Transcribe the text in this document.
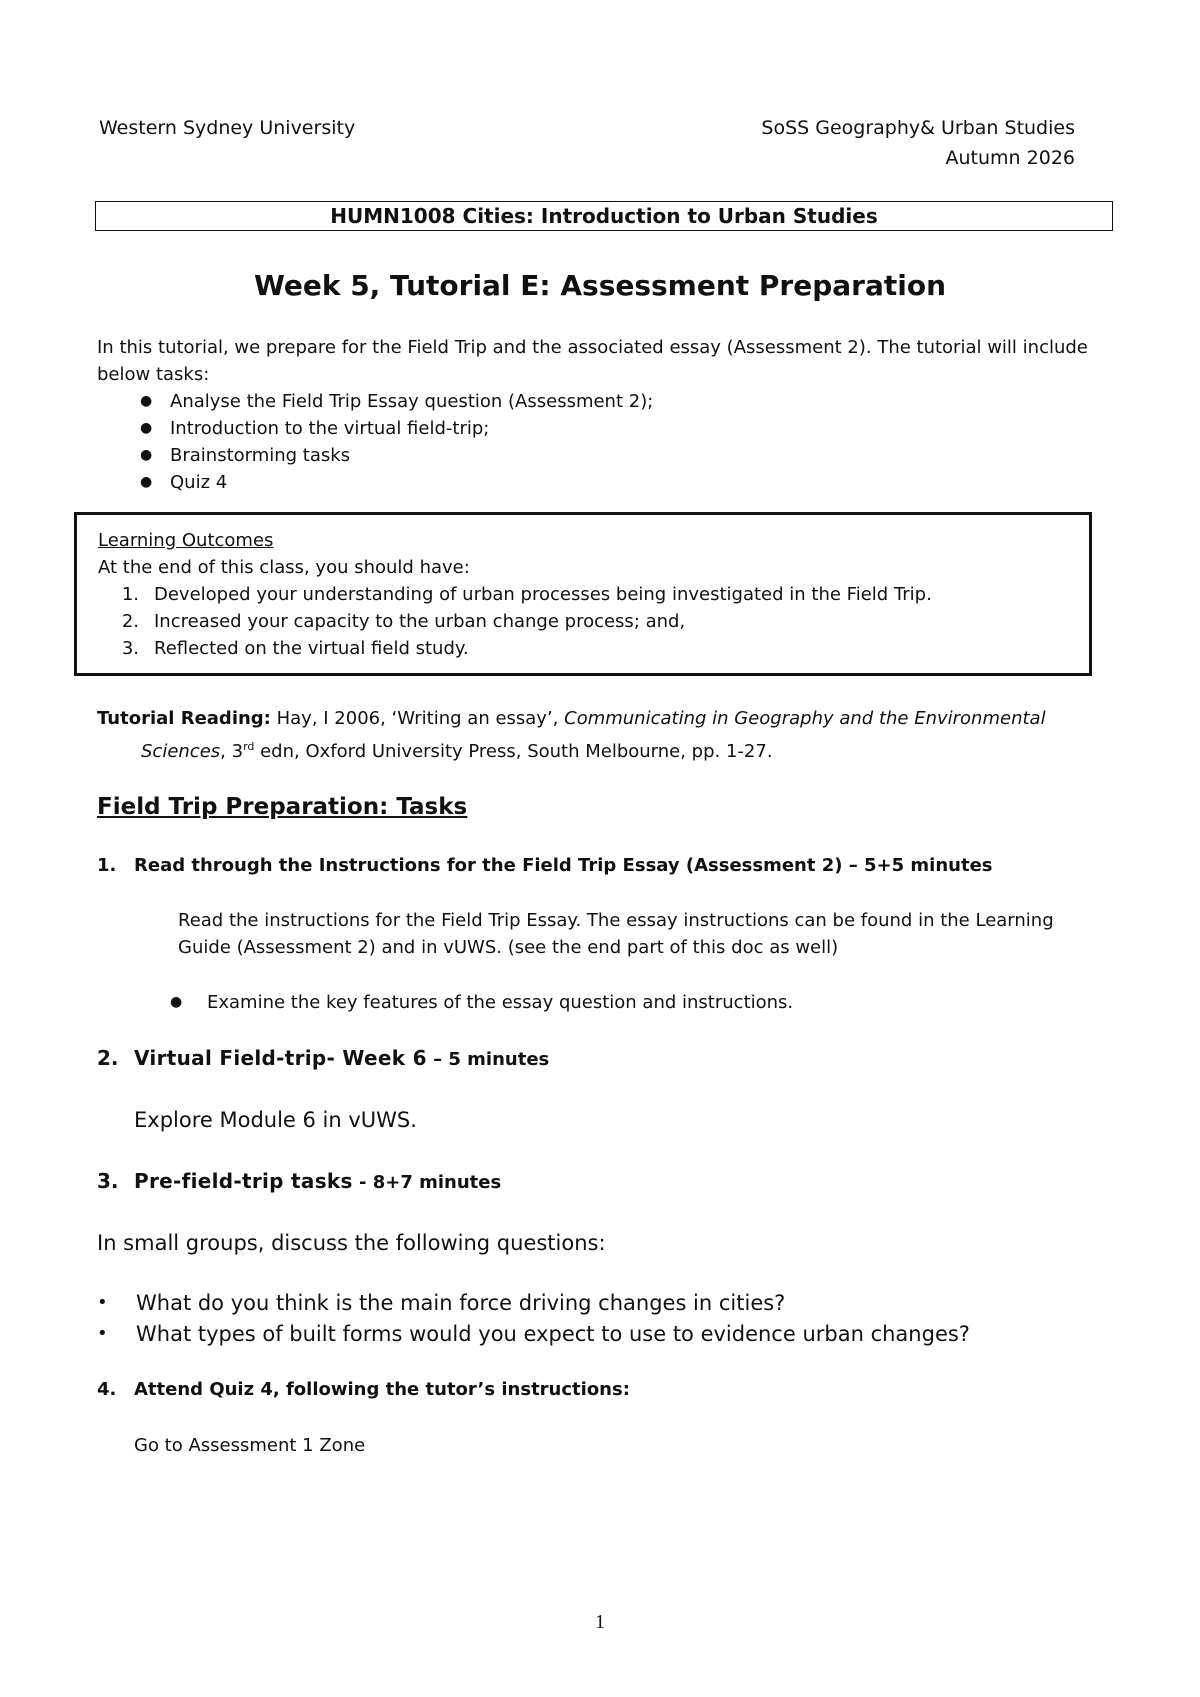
Western Sydney University	SoSS Geography& Urban Studies
Autumn 2026
HUMN1008 Cities: Introduction to Urban Studies
Week 5, Tutorial E: Assessment Preparation
In this tutorial, we prepare for the Field Trip and the associated essay (Assessment 2). The tutorial will include
below tasks:
● Analyse the Field Trip Essay question (Assessment 2);
● Introduction to the virtual field-trip;
● Brainstorming tasks
● Quiz 4
Learning Outcomes
At the end of this class, you should have:
1. Developed your understanding of urban processes being investigated in the Field Trip.
2. Increased your capacity to the urban change process; and,
3. Reflected on the virtual field study.
Tutorial Reading: Hay, I 2006, ‘Writing an essay’, Communicating in Geography and the Environmental
Sciences, 3rd edn, Oxford University Press, South Melbourne, pp. 1-27.
Field Trip Preparation: Tasks
1. Read through the Instructions for the Field Trip Essay (Assessment 2) – 5+5 minutes
Read the instructions for the Field Trip Essay. The essay instructions can be found in the Learning
Guide (Assessment 2) and in vUWS. (see the end part of this doc as well)
● Examine the key features of the essay question and instructions.
2. Virtual Field-trip- Week 6 – 5 minutes
Explore Module 6 in vUWS.
3. Pre-field-trip tasks - 8+7 minutes
In small groups, discuss the following questions:
• What do you think is the main force driving changes in cities?
• What types of built forms would you expect to use to evidence urban changes?
4. Attend Quiz 4, following the tutor’s instructions:
Go to Assessment 1 Zone
1
